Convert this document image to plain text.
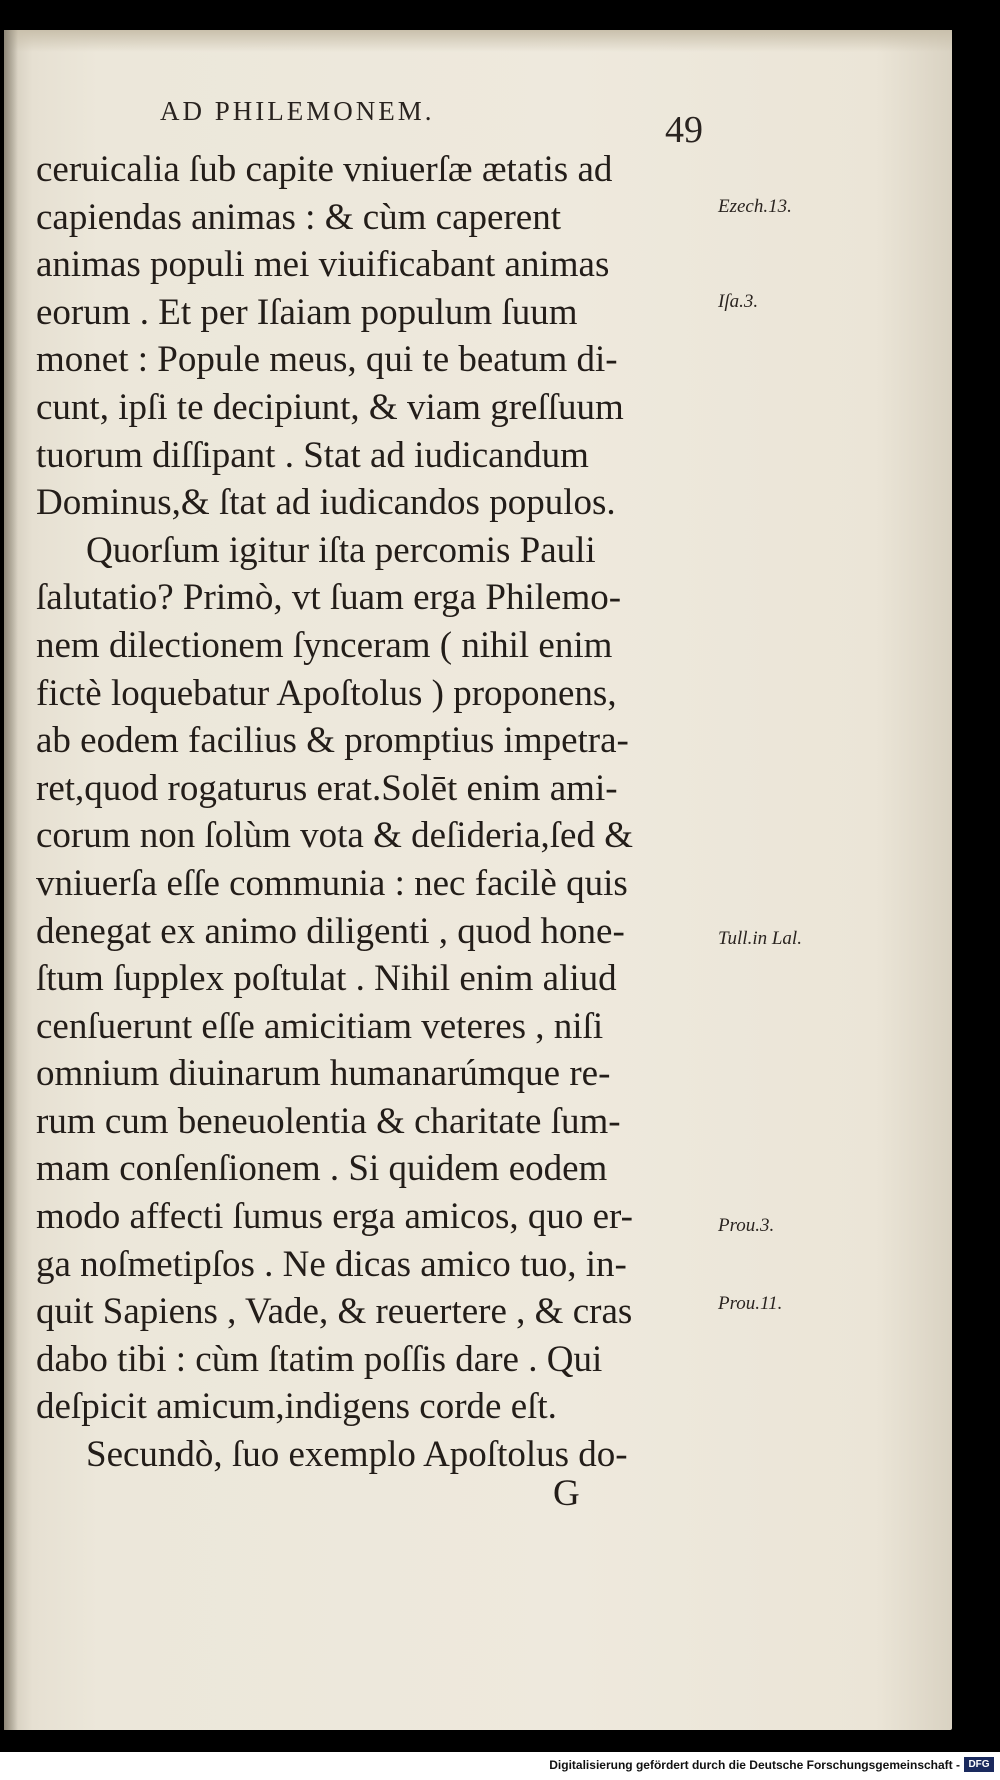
AD PHILEMONEM.	49
ceruicalia ſub capite vniuerſæ ætatis ad
capiendas animas : & cùm caperent
animas populi mei viuificabant animas
eorum . Et per Iſaiam populum ſuum
monet : Popule meus, qui te beatum di-
cunt, ipſi te decipiunt, & viam greſſuum
tuorum diſſipant . Stat ad iudicandum
Dominus,& ſtat ad iudicandos populos.
Quorſum igitur iſta percomis Pauli
ſalutatio? Primò, vt ſuam erga Philemo-
nem dilectionem ſynceram ( nihil enim
fictè loquebatur Apoſtolus ) proponens,
ab eodem facilius & promptius impetra-
ret,quod rogaturus erat.Solēt enim ami-
corum non ſolùm vota & deſideria,ſed &
vniuerſa eſſe communia : nec facilè quis
denegat ex animo diligenti , quod hone-
ſtum ſupplex poſtulat . Nihil enim aliud
cenſuerunt eſſe amicitiam veteres , niſi
omnium diuinarum humanarúmque re-
rum cum beneuolentia & charitate ſum-
mam conſenſionem . Si quidem eodem
modo affecti ſumus erga amicos, quo er-
ga noſmetipſos . Ne dicas amico tuo, in-
quit Sapiens , Vade, & reuertere , & cras
dabo tibi : cùm ſtatim poſſis dare . Qui
deſpicit amicum,indigens corde eſt.
Secundò, ſuo exemplo Apoſtolus do-
Ezech.13.
Iſa.3.
Tull.in Lal.
Prou.3.
Prou.11.
G
Digitalisierung gefördert durch die Deutsche Forschungsgemeinschaft - DFG
